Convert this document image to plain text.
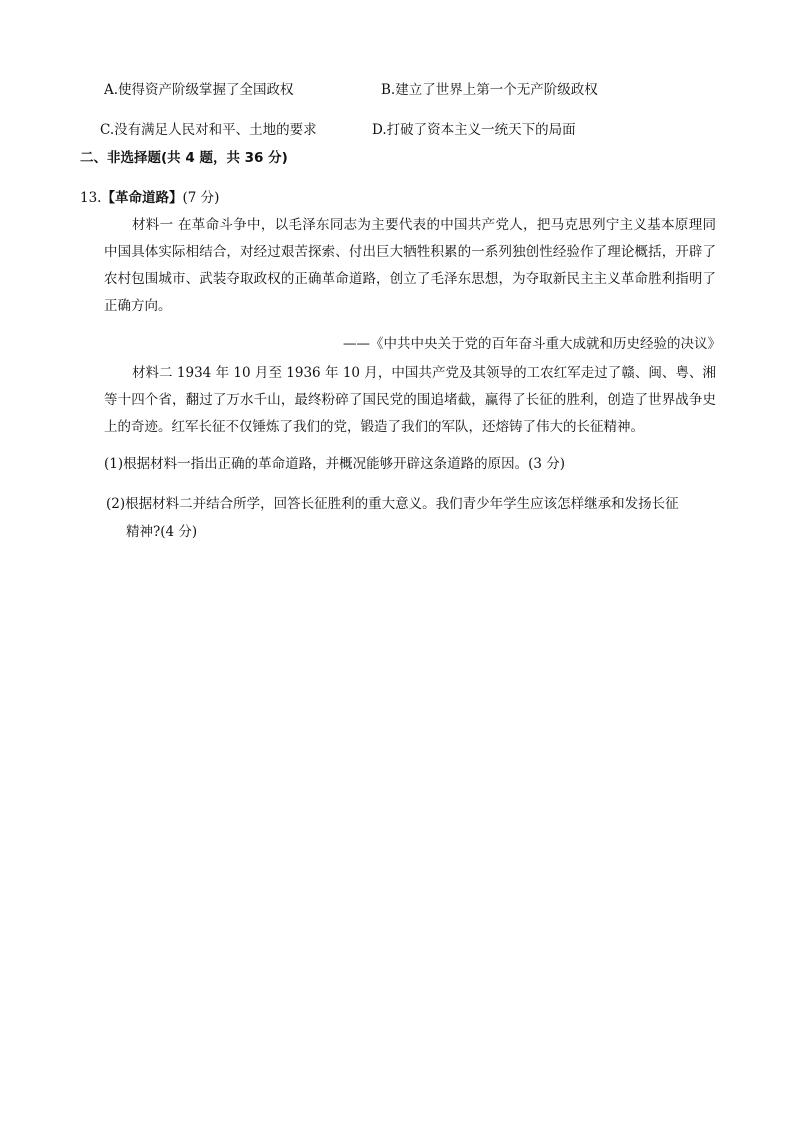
A.使得资产阶级掌握了全国政权	B.建立了世界上第一个无产阶级政权
C.没有满足人民对和平、土地的要求	D.打破了资本主义一统天下的局面
二、非选择题(共 4 题，共 36 分)
13.【革命道路】(7 分)
材料一 在革命斗争中，以毛泽东同志为主要代表的中国共产党人，把马克思列宁主义基本原理同中国具体实际相结合，对经过艰苦探索、付出巨大牺牲积累的一系列独创性经验作了理论概括，开辟了农村包围城市、武装夺取政权的正确革命道路，创立了毛泽东思想，为夺取新民主主义革命胜利指明了正确方向。
——《中共中央关于党的百年奋斗重大成就和历史经验的决议》
材料二 1934 年 10 月至 1936 年 10 月，中国共产党及其领导的工农红军走过了赣、闽、粤、湘等十四个省，翻过了万水千山，最终粉碎了国民党的围追堵截，赢得了长征的胜利，创造了世界战争史上的奇迹。红军长征不仅锤炼了我们的党，锻造了我们的军队，还熔铸了伟大的长征精神。
(1)根据材料一指出正确的革命道路，并概况能够开辟这条道路的原因。(3 分)
(2)根据材料二并结合所学，回答长征胜利的重大意义。我们青少年学生应该怎样继承和发扬长征
精神?(4 分)
